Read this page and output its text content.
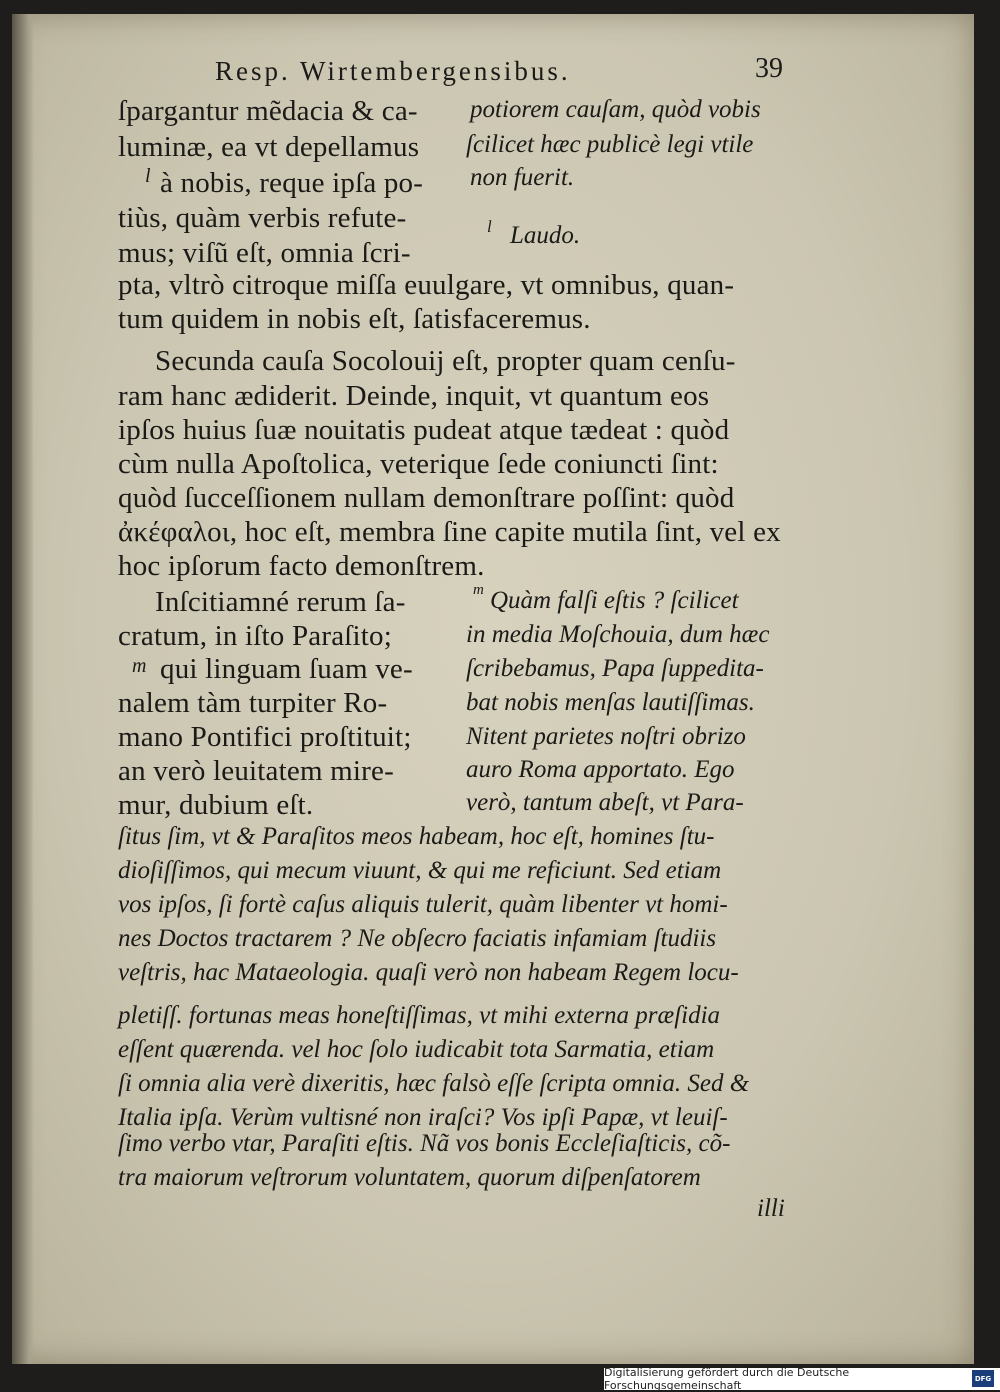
Resp. Wirtembergensibus.	39
ſpargantur mẽdacia & ca-
luminæ, ea vt depellamus
l à nobis, reque ipſa po-
tiùs, quàm verbis refute-
mus; viſũ eſt, omnia ſcri-
potiorem cauſam, quòd vobis
ſcilicet hæc publicè legi vtile
non fuerit.
l Laudo.
pta, vltrò citroque miſſa euulgare, vt omnibus, quan-
tum quidem in nobis eſt, ſatisfaceremus.
Secunda cauſa Socolouij eſt, propter quam cenſu-
ram hanc ædiderit. Deinde, inquit, vt quantum eos
ipſos huius ſuæ nouitatis pudeat atque tædeat : quòd
cùm nulla Apoſtolica, veterique ſede coniuncti ſint:
quòd ſucceſſionem nullam demonſtrare poſſint: quòd
ἀκέφαλοι, hoc eſt, membra ſine capite mutila ſint, vel ex
hoc ipſorum facto demonſtrem.
Inſcitiamné rerum ſa-
cratum, in iſto Paraſito;
m qui linguam ſuam ve-
nalem tàm turpiter Ro-
mano Pontifici proſtituit;
an verò leuitatem mire-
mur, dubium eſt.
m Quàm falſi eſtis ? ſcilicet
in media Moſchouia, dum hæc
ſcribebamus, Papa ſuppedita-
bat nobis menſas lautiſſimas.
Nitent parietes noſtri obrizo
auro Roma apportato. Ego
verò, tantum abeſt, vt Para-
ſitus ſim, vt & Paraſitos meos habeam, hoc eſt, homines ſtu-
dioſiſſimos, qui mecum viuunt, & qui me reficiunt. Sed etiam
vos ipſos, ſi fortè caſus aliquis tulerit, quàm libenter vt homi-
nes Doctos tractarem ? Ne obſecro faciatis infamiam ſtudiis
veſtris, hac Mataeologia. quaſi verò non habeam Regem locu-
pletiſſ. fortunas meas honeſtiſſimas, vt mihi externa præſidia
eſſent quærenda. vel hoc ſolo iudicabit tota Sarmatia, etiam
ſi omnia alia verè dixeritis, hæc falsò eſſe ſcripta omnia. Sed &
Italia ipſa. Verùm vultisné non iraſci? Vos ipſi Papæ, vt leuiſ-
ſimo verbo vtar, Paraſiti eſtis. Nã vos bonis Eccleſiaſticis, cõ-
tra maiorum veſtrorum voluntatem, quorum diſpenſatorem
illi
Digitalisierung gefördert durch die Deutsche Forschungsgemeinschaft
DFG
